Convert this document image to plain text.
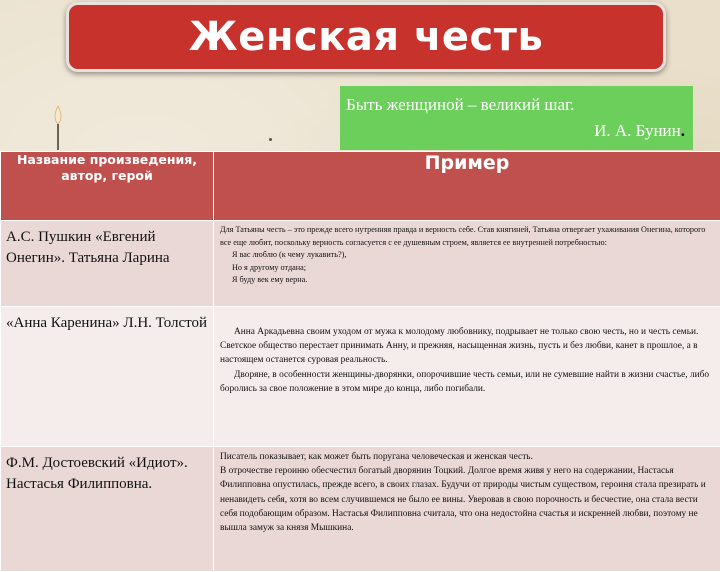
Женская честь
Быть женщиной – великий шаг.
И. А. Бунин.
Название произведения, автор, герой	Пример
А.С. Пушкин «Евгений Онегин». Татьяна Ларина	Для Татьяны честь – это прежде всего нутренняя правда и верность себе. Став княгиней, Татьяна отвергает ухаживания Онегина, которого все еще любит, поскольку верность согласуется с ее душевным строем, является ее внутренней потребностью:

Я вас люблю (к чему лукавить?),

Но я другому отдана;

Я буду век ему верна.

«Анна Каренина» Л.Н. Толстой	Анна Аркадьевна своим уходом от мужа к молодому любовнику, подрывает не только свою честь, но и честь семьи. Светское общество перестает принимать Анну, и прежняя, насыщенная жизнь, пусть и без любви, канет в прошлое, а в настоящем останется суровая реальность.

Дворяне, в особенности женщины-дворянки, опорочившие честь семьи, или не сумевшие найти в жизни счастье, либо боролись за свое положение в этом мире до конца, либо погибали.

Ф.М. Достоевский «Идиот». Настасья Филипповна.	Писатель показывает, как может быть поругана человеческая и женская честь.

В отрочестве героиню обесчестил богатый дворянин Тоцкий. Долгое время живя у него на содержании, Настасья Филипповна опустилась, прежде всего, в своих глазах. Будучи от природы чистым существом, героиня стала презирать и ненавидеть себя, хотя во всем случившемся не было ее вины. Уверовав в свою порочность и бесчестие, она стала вести себя подобающим образом. Настасья Филипповна считала, что она недостойна счастья и искренней любви, поэтому не вышла замуж за князя Мышкина.
